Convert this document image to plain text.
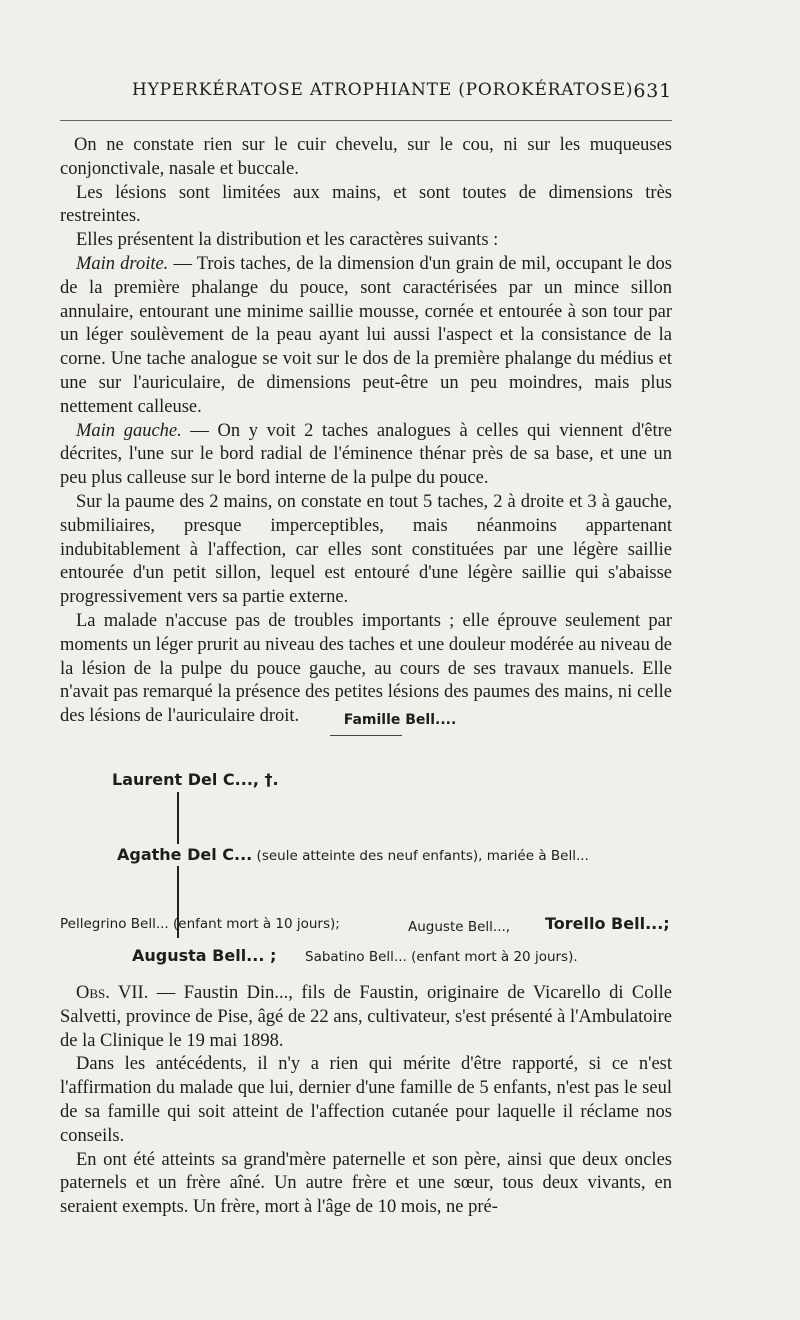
HYPERKÉRATOSE ATROPHIANTE (POROKÉRATOSE) 631

On ne constate rien sur le cuir chevelu, sur le cou, ni sur les muqueuses conjonctivale, nasale et buccale.

Les lésions sont limitées aux mains, et sont toutes de dimensions très restreintes.

Elles présentent la distribution et les caractères suivants :

Main droite. — Trois taches, de la dimension d'un grain de mil, occupant le dos de la première phalange du pouce, sont caractérisées par un mince sillon annulaire, entourant une minime saillie mousse, cornée et entourée à son tour par un léger soulèvement de la peau ayant lui aussi l'aspect et la consistance de la corne. Une tache analogue se voit sur le dos de la première phalange du médius et une sur l'auriculaire, de dimensions peut-être un peu moindres, mais plus nettement calleuse.

Main gauche. — On y voit 2 taches analogues à celles qui viennent d'être décrites, l'une sur le bord radial de l'éminence thénar près de sa base, et une un peu plus calleuse sur le bord interne de la pulpe du pouce.

Sur la paume des 2 mains, on constate en tout 5 taches, 2 à droite et 3 à gauche, submiliaires, presque imperceptibles, mais néanmoins appartenant indubitablement à l'affection, car elles sont constituées par une légère saillie entourée d'un petit sillon, lequel est entouré d'une légère saillie qui s'abaisse progressivement vers sa partie externe.

La malade n'accuse pas de troubles importants ; elle éprouve seulement par moments un léger prurit au niveau des taches et une douleur modérée au niveau de la lésion de la pulpe du pouce gauche, au cours de ses travaux manuels. Elle n'avait pas remarqué la présence des petites lésions des paumes des mains, ni celle des lésions de l'auriculaire droit.	Famille Bell....
Laurent Del C..., †.
Agathe Del C... (seule atteinte des neuf enfants), mariée à Bell...
Pellegrino Bell... (enfant mort à 10 jours);	Auguste Bell..., Torello Bell...;
Augusta Bell... ; Sabatino Bell... (enfant mort à 20 jours).

Obs. VII. — Faustin Din..., fils de Faustin, originaire de Vicarello di Colle Salvetti, province de Pise, âgé de 22 ans, cultivateur, s'est présenté à l'Ambulatoire de la Clinique le 19 mai 1898.

Dans les antécédents, il n'y a rien qui mérite d'être rapporté, si ce n'est l'affirmation du malade que lui, dernier d'une famille de 5 enfants, n'est pas le seul de sa famille qui soit atteint de l'affection cutanée pour laquelle il réclame nos conseils.

En ont été atteints sa grand'mère paternelle et son père, ainsi que deux oncles paternels et un frère aîné. Un autre frère et une sœur, tous deux vivants, en seraient exempts. Un frère, mort à l'âge de 10 mois, ne pré-
